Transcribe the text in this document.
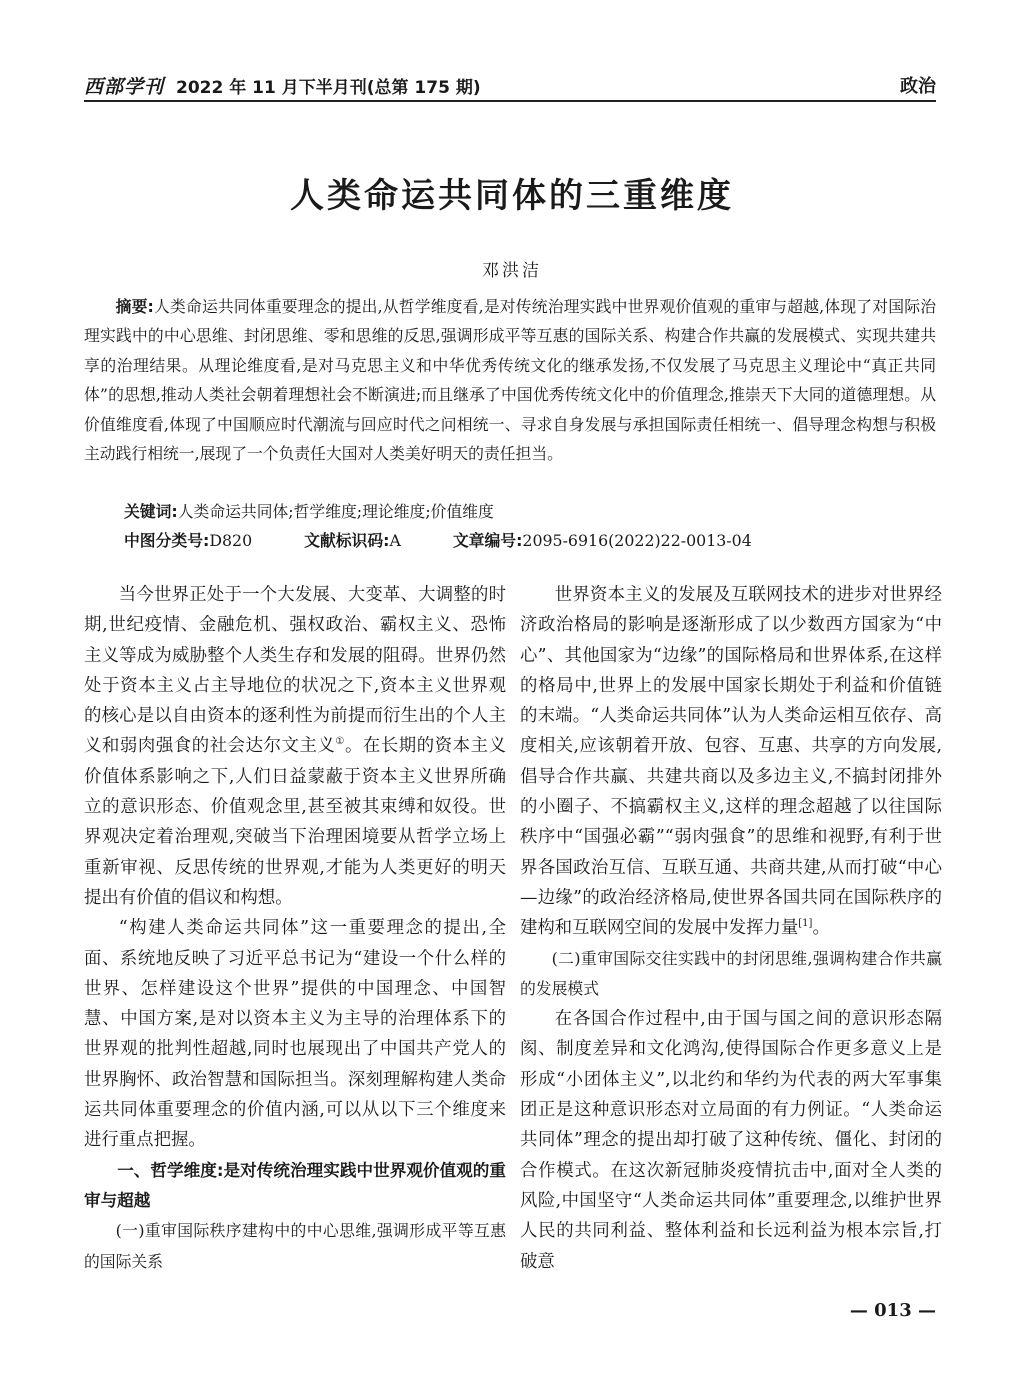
西部学刊 2022 年 11 月下半月刊(总第 175 期)	政治
人类命运共同体的三重维度
邓洪洁
摘要:人类命运共同体重要理念的提出,从哲学维度看,是对传统治理实践中世界观价值观的重审与超越,体现了对国际治理实践中的中心思维、封闭思维、零和思维的反思,强调形成平等互惠的国际关系、构建合作共赢的发展模式、实现共建共享的治理结果。从理论维度看,是对马克思主义和中华优秀传统文化的继承发扬,不仅发展了马克思主义理论中“真正共同体”的思想,推动人类社会朝着理想社会不断演进;而且继承了中国优秀传统文化中的价值理念,推崇天下大同的道德理想。从价值维度看,体现了中国顺应时代潮流与回应时代之问相统一、寻求自身发展与承担国际责任相统一、倡导理念构想与积极主动践行相统一,展现了一个负责任大国对人类美好明天的责任担当。
关键词:人类命运共同体;哲学维度;理论维度;价值维度
中图分类号:D820	文献标识码:A	文章编号:2095-6916(2022)22-0013-04

当今世界正处于一个大发展、大变革、大调整的时期,世纪疫情、金融危机、强权政治、霸权主义、恐怖主义等成为威胁整个人类生存和发展的阻碍。世界仍然处于资本主义占主导地位的状况之下,资本主义世界观的核心是以自由资本的逐利性为前提而衍生出的个人主义和弱肉强食的社会达尔文主义①。在长期的资本主义价值体系影响之下,人们日益蒙蔽于资本主义世界所确立的意识形态、价值观念里,甚至被其束缚和奴役。世界观决定着治理观,突破当下治理困境要从哲学立场上重新审视、反思传统的世界观,才能为人类更好的明天提出有价值的倡议和构想。

“构建人类命运共同体”这一重要理念的提出,全面、系统地反映了习近平总书记为“建设一个什么样的世界、怎样建设这个世界”提供的中国理念、中国智慧、中国方案,是对以资本主义为主导的治理体系下的世界观的批判性超越,同时也展现出了中国共产党人的世界胸怀、政治智慧和国际担当。深刻理解构建人类命运共同体重要理念的价值内涵,可以从以下三个维度来进行重点把握。

一、哲学维度:是对传统治理实践中世界观价值观的重审与超越

(一)重审国际秩序建构中的中心思维,强调形成平等互惠的国际关系

世界资本主义的发展及互联网技术的进步对世界经济政治格局的影响是逐渐形成了以少数西方国家为“中心”、其他国家为“边缘”的国际格局和世界体系,在这样的格局中,世界上的发展中国家长期处于利益和价值链的末端。“人类命运共同体”认为人类命运相互依存、高度相关,应该朝着开放、包容、互惠、共享的方向发展,倡导合作共赢、共建共商以及多边主义,不搞封闭排外的小圈子、不搞霸权主义,这样的理念超越了以往国际秩序中“国强必霸”“弱肉强食”的思维和视野,有利于世界各国政治互信、互联互通、共商共建,从而打破“中心—边缘”的政治经济格局,使世界各国共同在国际秩序的建构和互联网空间的发展中发挥力量[1]。

(二)重审国际交往实践中的封闭思维,强调构建合作共赢的发展模式

在各国合作过程中,由于国与国之间的意识形态隔阂、制度差异和文化鸿沟,使得国际合作更多意义上是形成“小团体主义”,以北约和华约为代表的两大军事集团正是这种意识形态对立局面的有力例证。“人类命运共同体”理念的提出却打破了这种传统、僵化、封闭的合作模式。在这次新冠肺炎疫情抗击中,面对全人类的风险,中国坚守“人类命运共同体”重要理念,以维护世界人民的共同利益、整体利益和长远利益为根本宗旨,打破意

— 013 —
